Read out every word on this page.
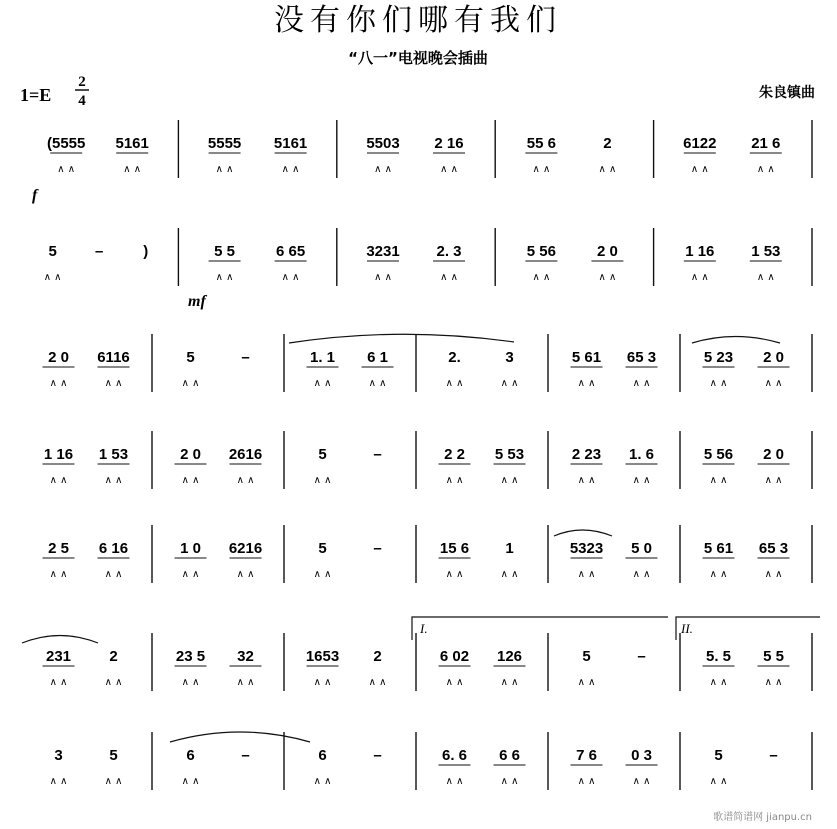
没有你们哪有我们
“八一”电视晚会插曲
朱良镇曲
1=E
2
4
(5555
∧ ∧
5161
∧ ∧
5555
∧ ∧
5161
∧ ∧
5503
∧ ∧
2 16
∧ ∧
55 6
∧ ∧
2
∧ ∧
6122
∧ ∧
21 6
∧ ∧
5
∧ ∧
–	)	5 5
∧ ∧
6 65
∧ ∧
3231
∧ ∧
2. 3
∧ ∧
5 56
∧ ∧
2 0
∧ ∧
1 16
∧ ∧
1 53
∧ ∧
2 0
∧ ∧
6116
∧ ∧
5
∧ ∧
–	1. 1
∧ ∧
6 1
∧ ∧
2.
∧ ∧
3
∧ ∧
5 61
∧ ∧
65 3
∧ ∧
5 23
∧ ∧
2 0
∧ ∧
1 16
∧ ∧
1 53
∧ ∧
2 0
∧ ∧
2616
∧ ∧
5
∧ ∧
–	2 2
∧ ∧
5 53
∧ ∧
2 23
∧ ∧
1. 6
∧ ∧
5 56
∧ ∧
2 0
∧ ∧
2 5
∧ ∧
6 16
∧ ∧
1 0
∧ ∧
6216
∧ ∧
5
∧ ∧
–	15 6
∧ ∧
1
∧ ∧
5323
∧ ∧
5 0
∧ ∧
5 61
∧ ∧
65 3
∧ ∧
231
∧ ∧
2
∧ ∧
23 5
∧ ∧
32
∧ ∧
1653
∧ ∧
2
∧ ∧
6 02
∧ ∧
126
∧ ∧
5
∧ ∧
–	5. 5
∧ ∧
5 5
∧ ∧
3
∧ ∧
5
∧ ∧
6
∧ ∧
–	6
∧ ∧
–	6. 6
∧ ∧
6 6
∧ ∧
7 6
∧ ∧
0 3
∧ ∧
5
∧ ∧
–
f
mf
I.	II.
歌谱简谱网 jianpu.cn
